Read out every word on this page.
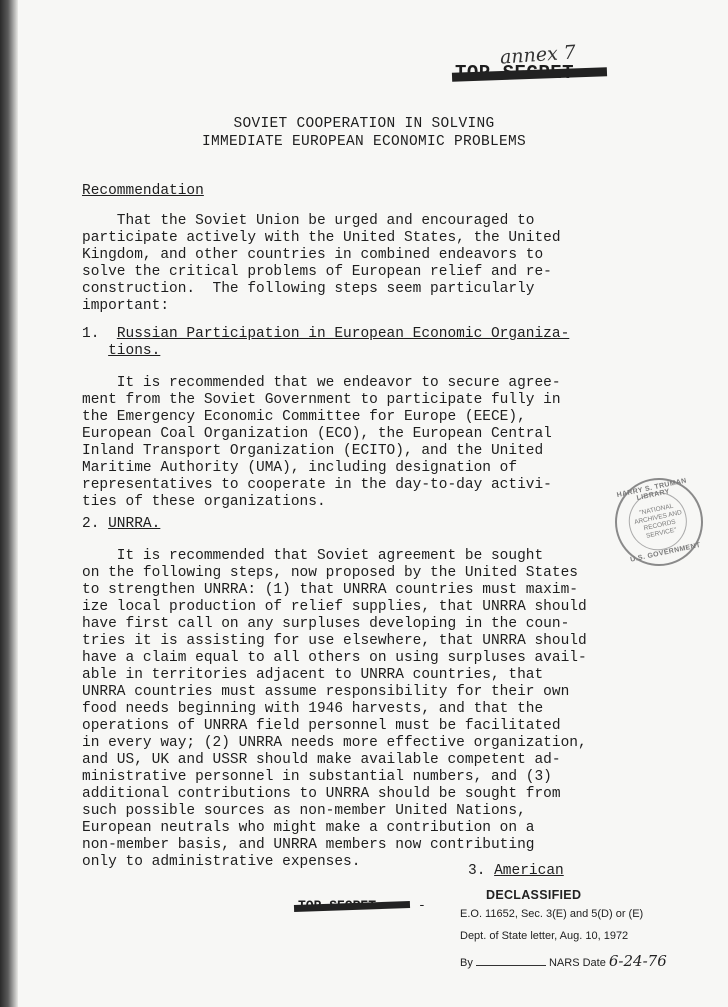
annex 7
SOVIET COOPERATION IN SOLVING
IMMEDIATE EUROPEAN ECONOMIC PROBLEMS
Recommendation
That the Soviet Union be urged and encouraged to
participate actively with the United States, the United
Kingdom, and other countries in combined endeavors to
solve the critical problems of European relief and re-
construction.  The following steps seem particularly
important:
1. Russian Participation in European Economic Organiza-
tions.
It is recommended that we endeavor to secure agree-
ment from the Soviet Government to participate fully in
the Emergency Economic Committee for Europe (EECE),
European Coal Organization (ECO), the European Central
Inland Transport Organization (ECITO), and the United
Maritime Authority (UMA), including designation of
representatives to cooperate in the day-to-day activi-
ties of these organizations.
HARRY S. TRUMAN LIBRARY
"NATIONAL
ARCHIVES AND
RECORDS
SERVICE"
U.S. GOVERNMENT
2. UNRRA.
It is recommended that Soviet agreement be sought
on the following steps, now proposed by the United States
to strengthen UNRRA: (1) that UNRRA countries must maxim-
ize local production of relief supplies, that UNRRA should
have first call on any surpluses developing in the coun-
tries it is assisting for use elsewhere, that UNRRA should
have a claim equal to all others on using surpluses avail-
able in territories adjacent to UNRRA countries, that
UNRRA countries must assume responsibility for their own
food needs beginning with 1946 harvests, and that the
operations of UNRRA field personnel must be facilitated
in every way; (2) UNRRA needs more effective organization,
and US, UK and USSR should make available competent ad-
ministrative personnel in substantial numbers, and (3)
additional contributions to UNRRA should be sought from
such possible sources as non-member United Nations,
European neutrals who might make a contribution on a
non-member basis, and UNRRA members now contributing
only to administrative expenses.
3. American
-
DECLASSIFIED
E.O. 11652, Sec. 3(E) and 5(D) or (E)
Dept. of State letter, Aug. 10, 1972
By	NARS Date 6-24-76
